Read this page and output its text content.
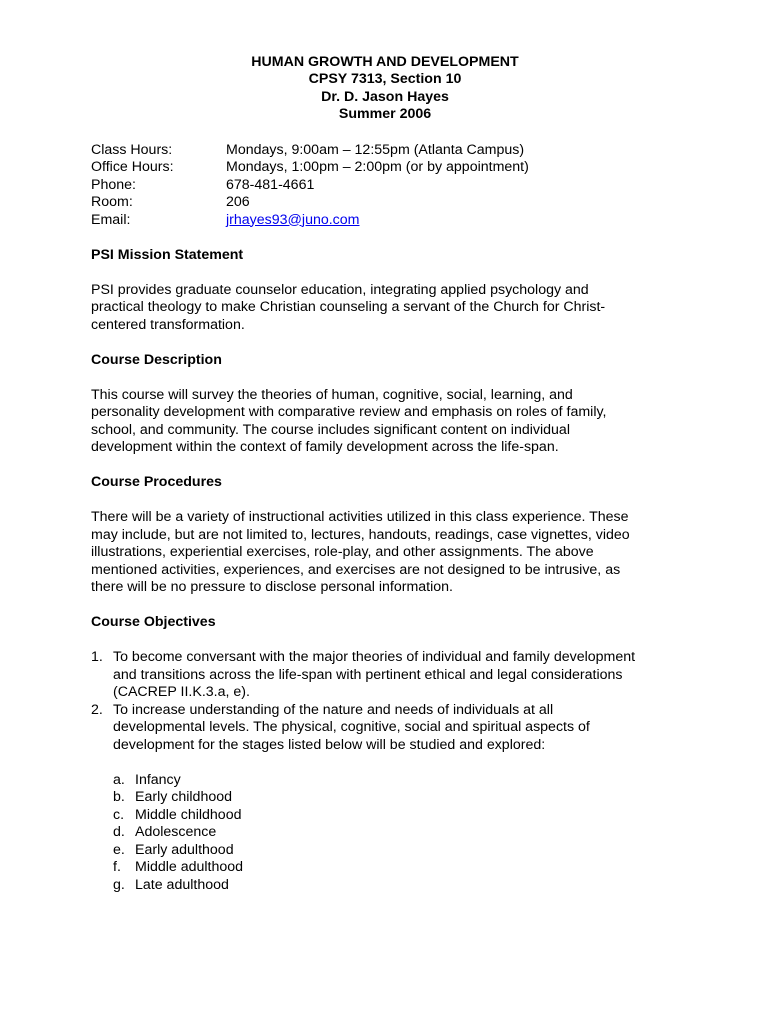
HUMAN GROWTH AND DEVELOPMENT
CPSY 7313, Section 10
Dr. D. Jason Hayes
Summer 2006
Class Hours:	Mondays, 9:00am – 12:55pm (Atlanta Campus)
Office Hours:	Mondays, 1:00pm – 2:00pm (or by appointment)
Phone:	678-481-4661
Room:	206
Email:	jrhayes93@juno.com
PSI Mission Statement
PSI provides graduate counselor education, integrating applied psychology and
practical theology to make Christian counseling a servant of the Church for Christ-
centered transformation.
Course Description
This course will survey the theories of human, cognitive, social, learning, and
personality development with comparative review and emphasis on roles of family,
school, and community. The course includes significant content on individual
development within the context of family development across the life-span.
Course Procedures
There will be a variety of instructional activities utilized in this class experience. These
may include, but are not limited to, lectures, handouts, readings, case vignettes, video
illustrations, experiential exercises, role-play, and other assignments. The above
mentioned activities, experiences, and exercises are not designed to be intrusive, as
there will be no pressure to disclose personal information.
Course Objectives
1. To become conversant with the major theories of individual and family development
and transitions across the life-span with pertinent ethical and legal considerations
(CACREP II.K.3.a, e).
2. To increase understanding of the nature and needs of individuals at all
developmental levels. The physical, cognitive, social and spiritual aspects of
development for the stages listed below will be studied and explored:
a. Infancy
b. Early childhood
c. Middle childhood
d. Adolescence
e. Early adulthood
f. Middle adulthood
g. Late adulthood
